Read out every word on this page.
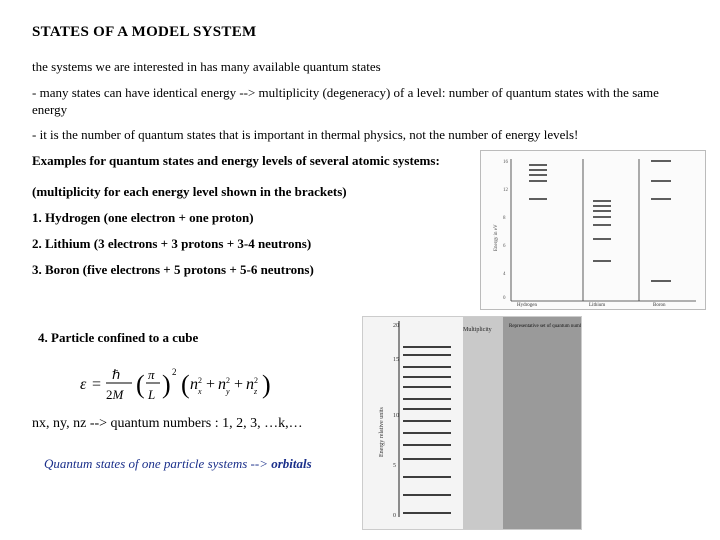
STATES OF A MODEL SYSTEM
the systems we are interested in has many available quantum states
- many states can have identical energy --> multiplicity (degeneracy) of a level: number of quantum states with the same energy
- it is the number of quantum states that is important in thermal physics, not the number of energy levels!
Examples for quantum states and energy levels of several atomic systems:
(multiplicity for each energy level shown in the brackets)
1. Hydrogen (one electron + one proton)
2. Lithium (3 electrons + 3 protons + 3-4 neutrons)
3. Boron (five electrons + 5 protons + 5-6 neutrons)
16
12
8
6
4
0
Energy in eV
Hydrogen	Lithium	Boron
4. Particle confined to a cube
ε =
ℏ
2M ( π
L ) 2 ( n 2
x + n 2
y + n 2
z )
nx, ny, nz --> quantum numbers : 1, 2, 3, …k,…
Quantum states of one particle systems --> orbitals
20
15
10
5
0
Energy relative units
Multiplicity
Representative set of quantum numbers
